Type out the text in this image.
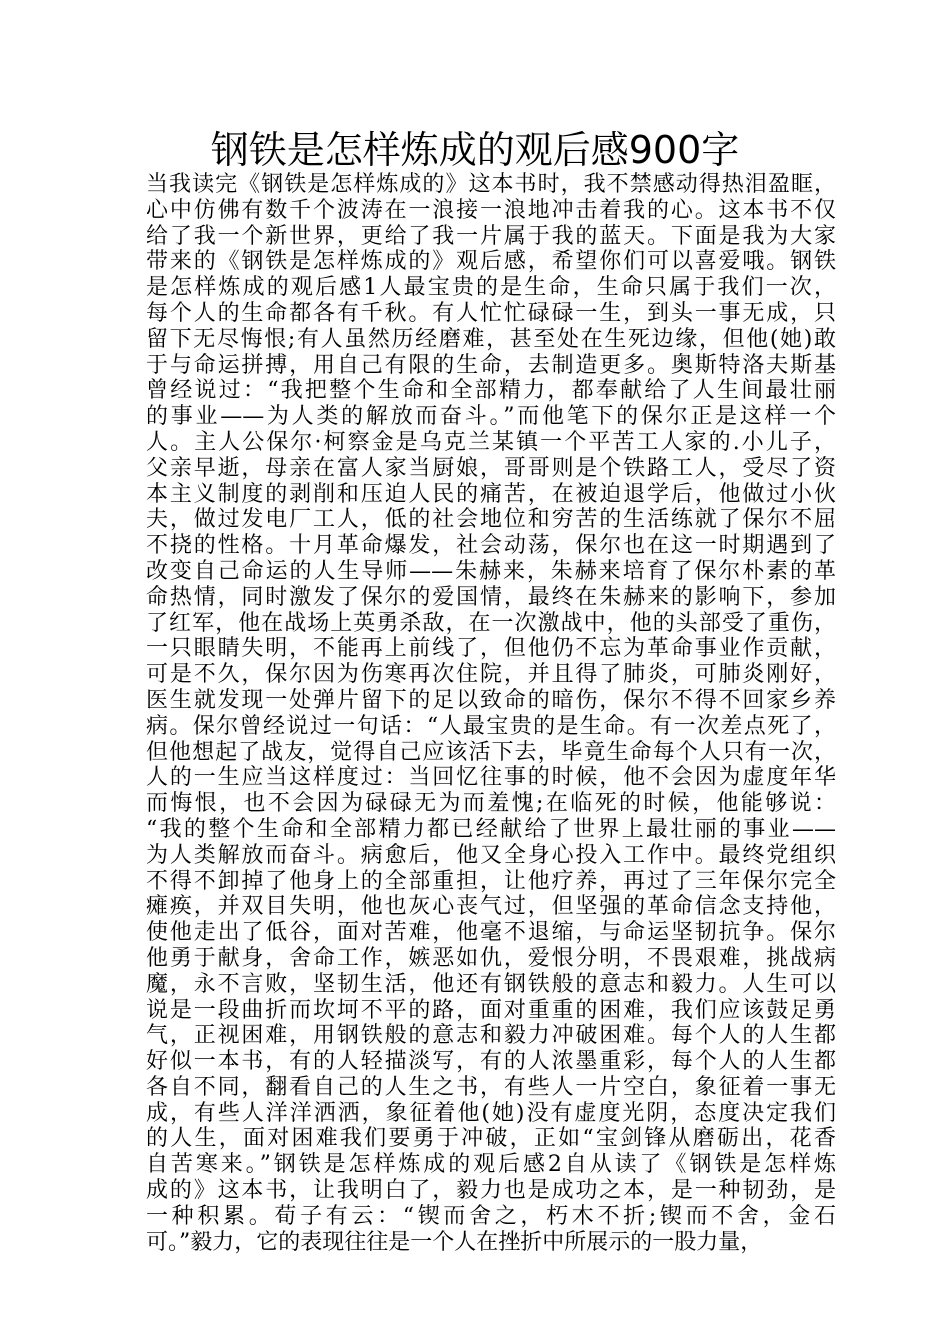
钢铁是怎样炼成的观后感900字
当我读完《钢铁是怎样炼成的》这本书时，我不禁感动得热泪盈眶，
心中仿佛有数千个波涛在一浪接一浪地冲击着我的心。这本书不仅
给了我一个新世界，更给了我一片属于我的蓝天。下面是我为大家
带来的《钢铁是怎样炼成的》观后感，希望你们可以喜爱哦。钢铁
是怎样炼成的观后感1人最宝贵的是生命，生命只属于我们一次，
每个人的生命都各有千秋。有人忙忙碌碌一生，到头一事无成，只
留下无尽悔恨;有人虽然历经磨难，甚至处在生死边缘，但他(她)敢
于与命运拼搏，用自己有限的生命，去制造更多。奥斯特洛夫斯基
曾经说过：“我把整个生命和全部精力，都奉献给了人生间最壮丽
的事业——为人类的解放而奋斗。”而他笔下的保尔正是这样一个
人。主人公保尔·柯察金是乌克兰某镇一个平苦工人家的.小儿子，
父亲早逝，母亲在富人家当厨娘，哥哥则是个铁路工人，受尽了资
本主义制度的剥削和压迫人民的痛苦，在被迫退学后，他做过小伙
夫，做过发电厂工人，低的社会地位和穷苦的生活练就了保尔不屈
不挠的性格。十月革命爆发，社会动荡，保尔也在这一时期遇到了
改变自己命运的人生导师——朱赫来，朱赫来培育了保尔朴素的革
命热情，同时激发了保尔的爱国情，最终在朱赫来的影响下，参加
了红军，他在战场上英勇杀敌，在一次激战中，他的头部受了重伤，
一只眼睛失明，不能再上前线了，但他仍不忘为革命事业作贡献，
可是不久，保尔因为伤寒再次住院，并且得了肺炎，可肺炎刚好，
医生就发现一处弹片留下的足以致命的暗伤，保尔不得不回家乡养
病。保尔曾经说过一句话：“人最宝贵的是生命。有一次差点死了，
但他想起了战友，觉得自己应该活下去，毕竟生命每个人只有一次，
人的一生应当这样度过：当回忆往事的时候，他不会因为虚度年华
而悔恨，也不会因为碌碌无为而羞愧;在临死的时候，他能够说：
“我的整个生命和全部精力都已经献给了世界上最壮丽的事业——
为人类解放而奋斗。病愈后，他又全身心投入工作中。最终党组织
不得不卸掉了他身上的全部重担，让他疗养，再过了三年保尔完全
瘫痪，并双目失明，他也灰心丧气过，但坚强的革命信念支持他，
使他走出了低谷，面对苦难，他毫不退缩，与命运坚韧抗争。保尔
他勇于献身，舍命工作，嫉恶如仇，爱恨分明，不畏艰难，挑战病
魔，永不言败，坚韧生活，他还有钢铁般的意志和毅力。人生可以
说是一段曲折而坎坷不平的路，面对重重的困难，我们应该鼓足勇
气，正视困难，用钢铁般的意志和毅力冲破困难。每个人的人生都
好似一本书，有的人轻描淡写，有的人浓墨重彩，每个人的人生都
各自不同，翻看自己的人生之书，有些人一片空白，象征着一事无
成，有些人洋洋洒洒，象征着他(她)没有虚度光阴，态度决定我们
的人生，面对困难我们要勇于冲破，正如“宝剑锋从磨砺出，花香
自苦寒来。”钢铁是怎样炼成的观后感2自从读了《钢铁是怎样炼
成的》这本书，让我明白了，毅力也是成功之本，是一种韧劲，是
一种积累。荀子有云：“锲而舍之，朽木不折;锲而不舍，金石
可。”毅力，它的表现往往是一个人在挫折中所展示的一股力量，
